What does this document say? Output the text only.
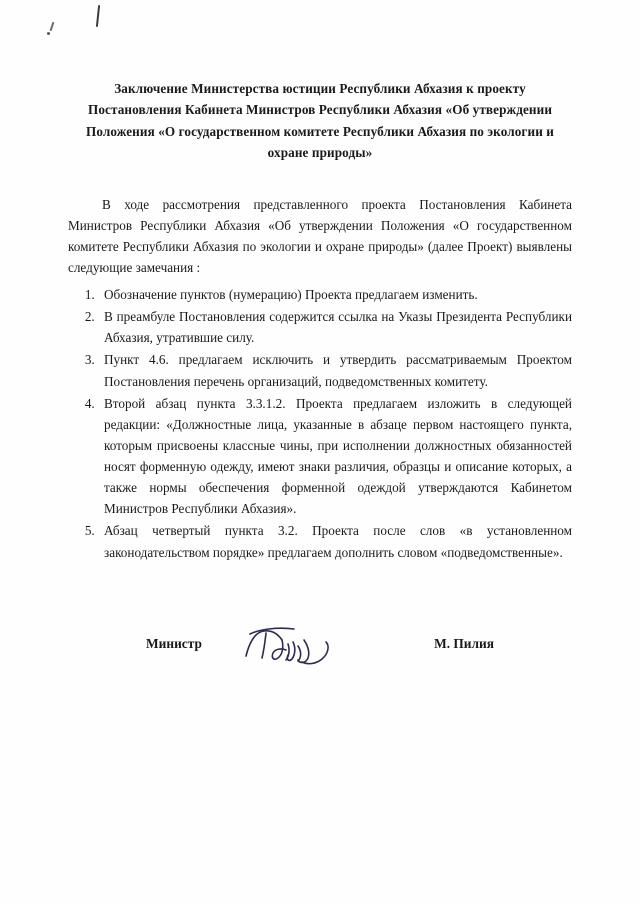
Заключение Министерства юстиции Республики Абхазия к проекту Постановления Кабинета Министров Республики Абхазия «Об утверждении Положения «О государственном комитете Республики Абхазия по экологии и охране природы»

В ходе рассмотрения представленного проекта Постановления Кабинета Министров Республики Абхазия «Об утверждении Положения «О государственном комитете Республики Абхазия по экологии и охране природы» (далее Проект) выявлены следующие замечания :

1. Обозначение пунктов (нумерацию) Проекта предлагаем изменить.
2. В преамбуле Постановления содержится ссылка на Указы Президента Республики Абхазия, утратившие силу.
3. Пункт 4.6. предлагаем исключить и утвердить рассматриваемым Проектом Постановления перечень организаций, подведомственных комитету.
4. Второй абзац пункта 3.3.1.2. Проекта предлагаем изложить в следующей редакции: «Должностные лица, указанные в абзаце первом настоящего пункта, которым присвоены классные чины, при исполнении должностных обязанностей носят форменную одежду, имеют знаки различия, образцы и описание которых, а также нормы обеспечения форменной одеждой утверждаются Кабинетом Министров Республики Абхазия».
5. Абзац четвертый пункта 3.2. Проекта после слов «в установленном законодательством порядке» предлагаем дополнить словом «подведомственные».
Министр	М. Пилия
